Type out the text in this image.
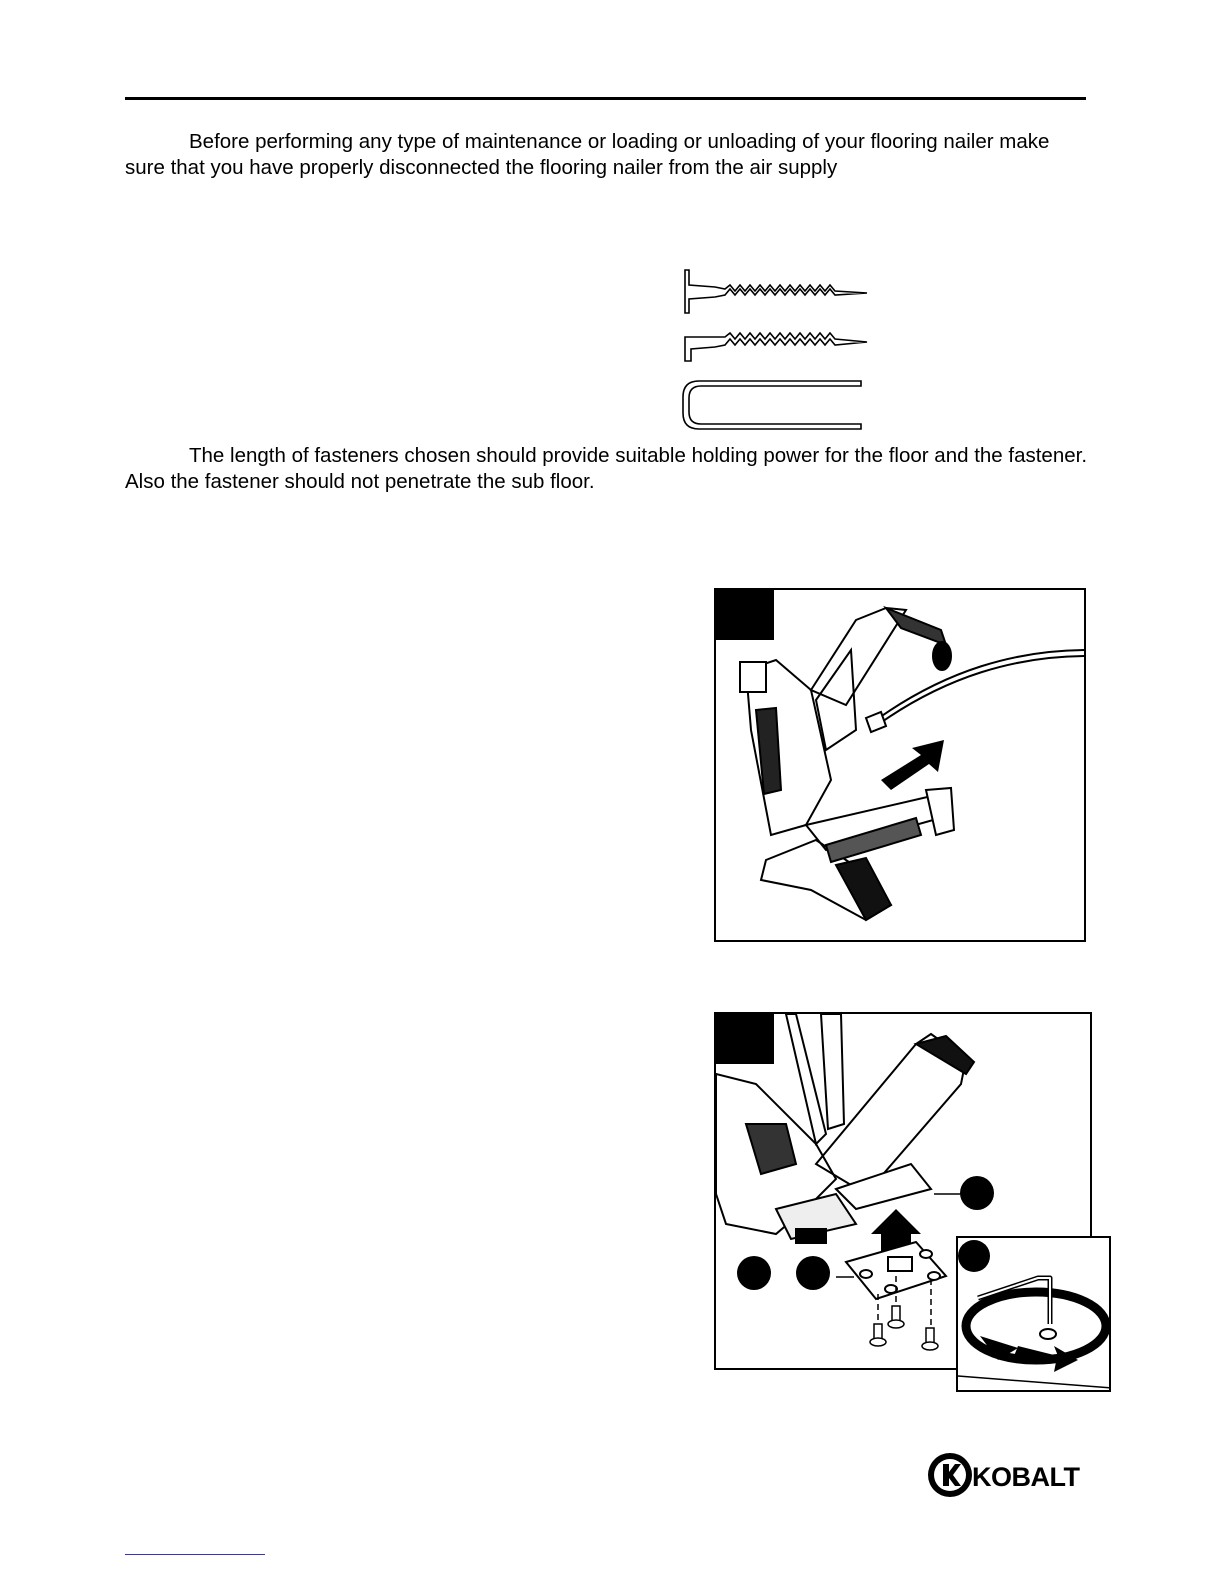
Before performing any type of maintenance or loading or unloading of your flooring nailer make sure that you have properly disconnected the flooring nailer from the air supply

The length of fasteners chosen should provide suitable holding power for the floor and the fastener. Also the fastener should not penetrate the sub floor.

KOBALT
